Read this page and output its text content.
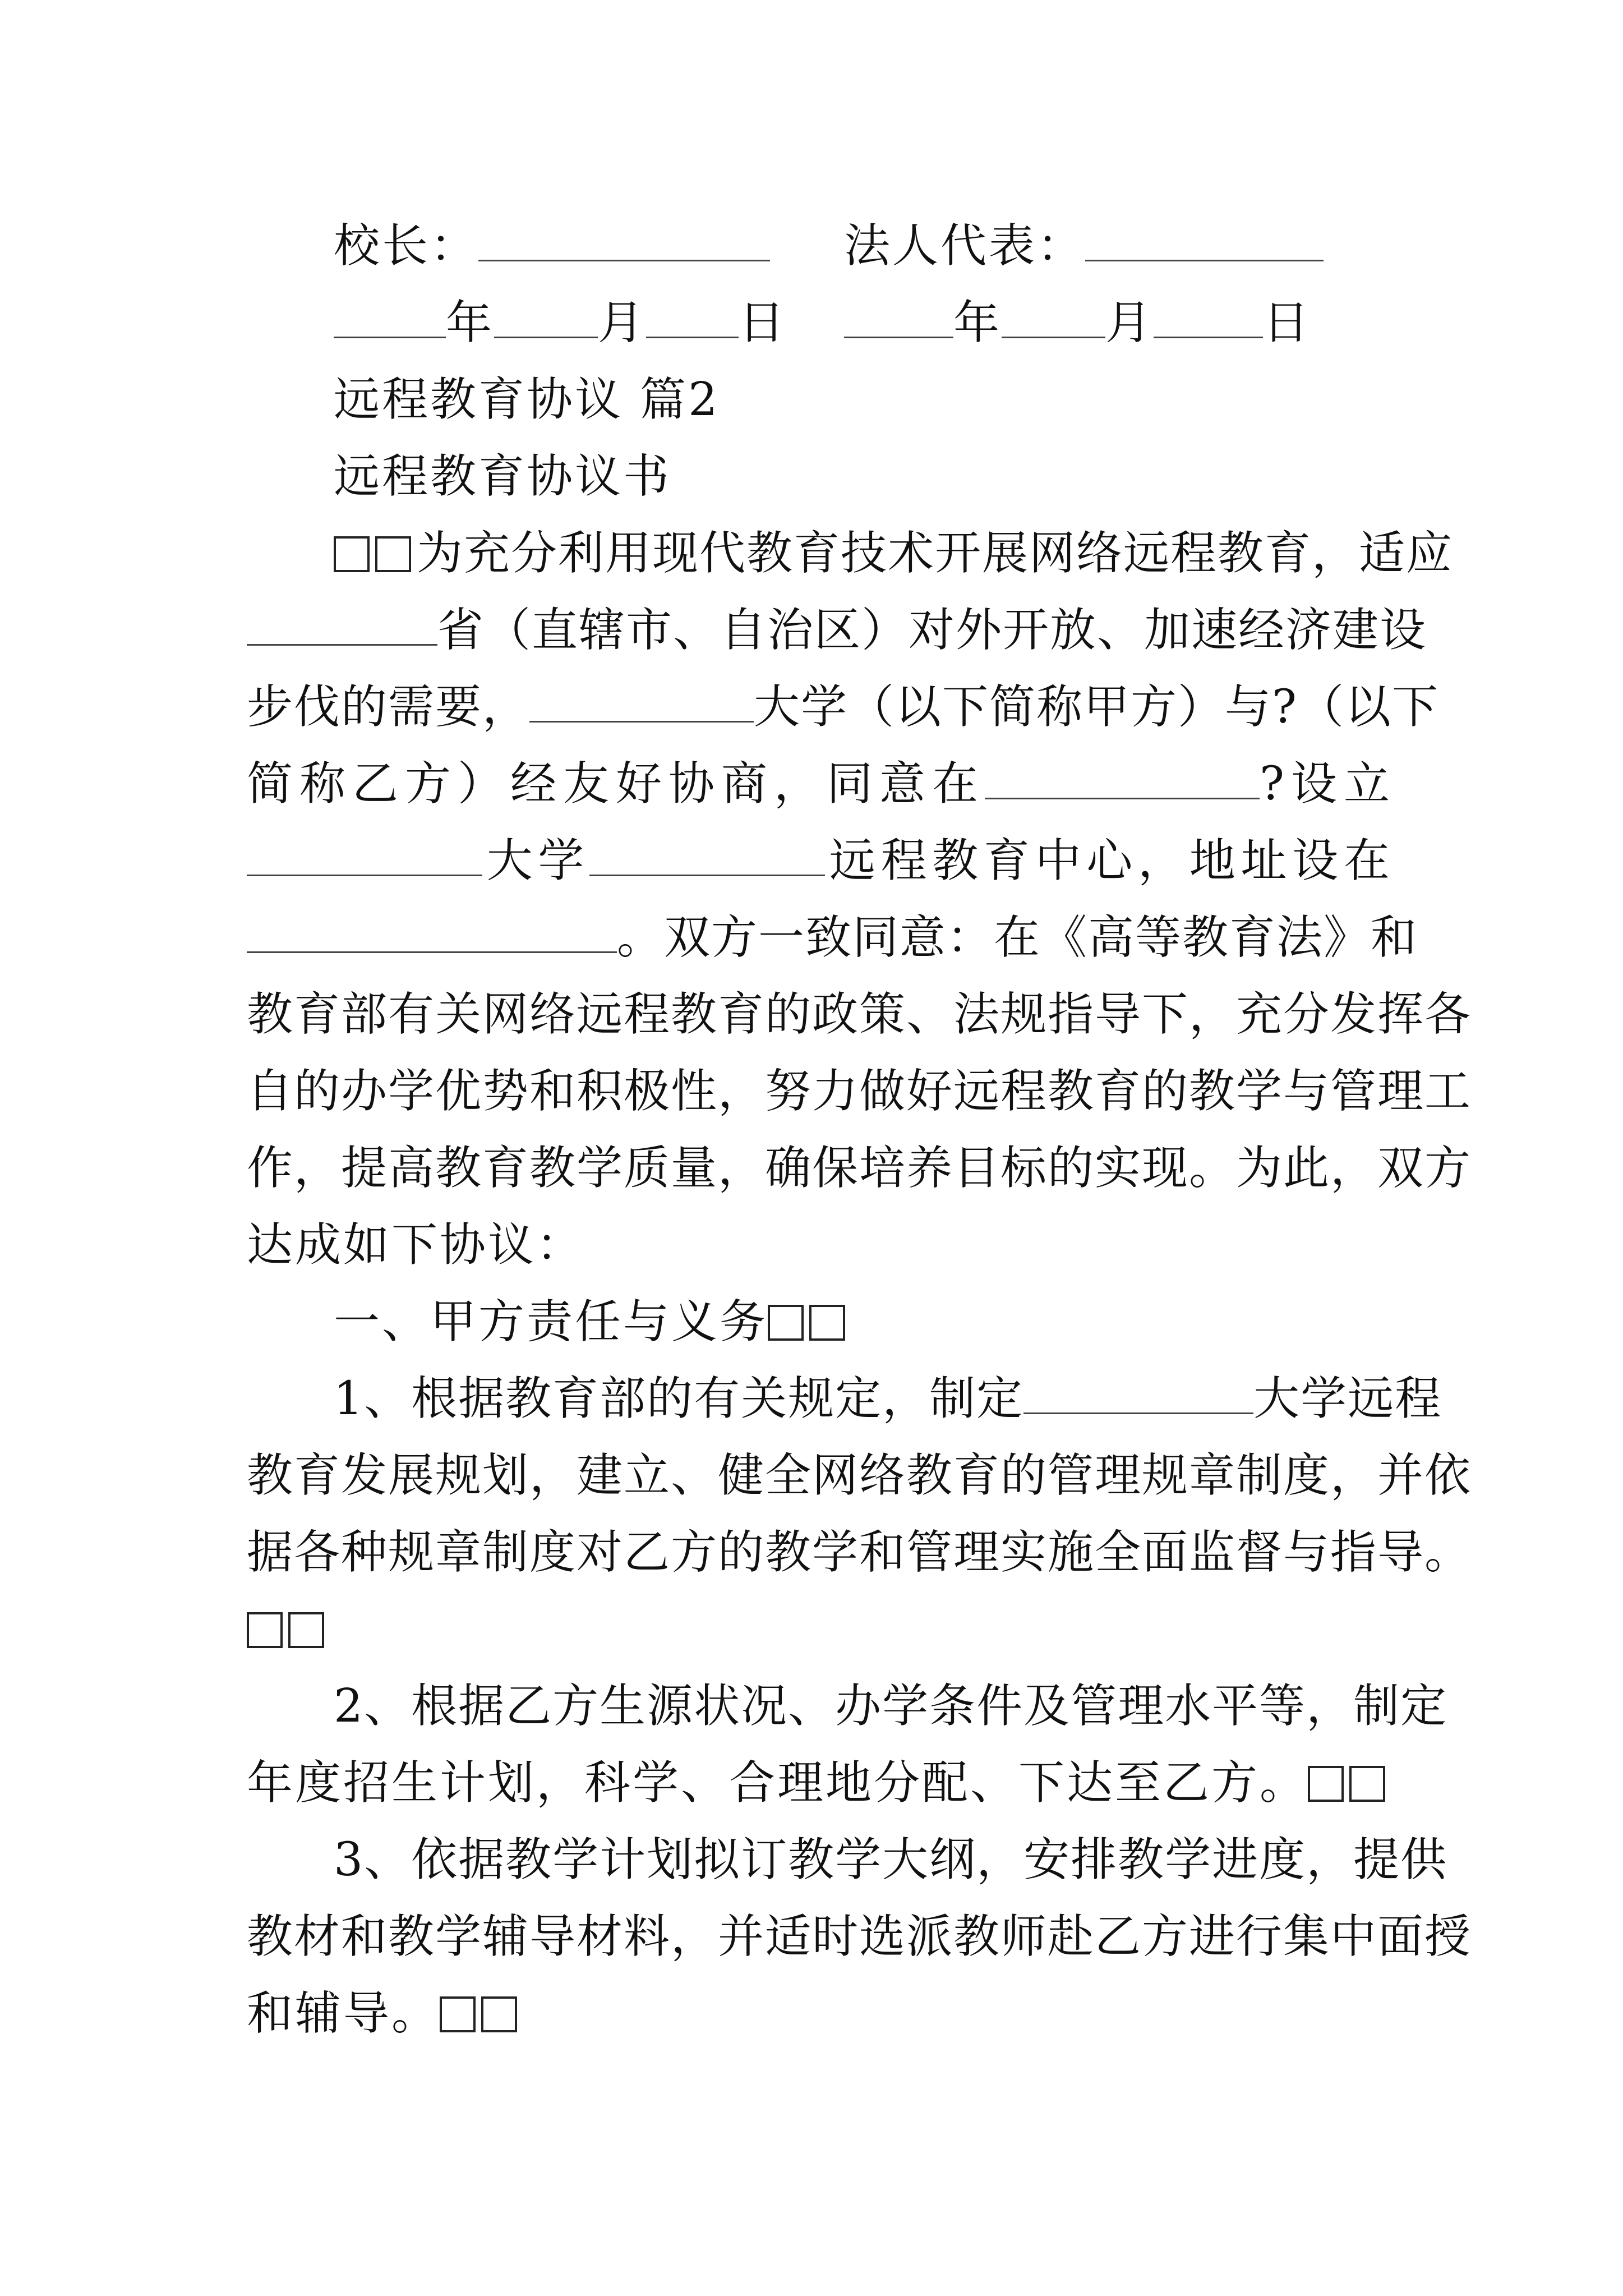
校长：	法人代表：
年 月 日	年 月 日
远程教育协议 篇2
远程教育协议书
为充分利用现代教育技术开展网络远程教育，适应
省（直辖市、自治区）对外开放、加速经济建设
步伐的需要，	大学（以下简称甲方）与?（以下
简称乙方）经友好协商，同意在	?设立
大学	远程教育中心，地址设在
。双方一致同意：在《高等教育法》和
教育部有关网络远程教育的政策、法规指导下，充分发挥各
自的办学优势和积极性，努力做好远程教育的教学与管理工
作，提高教育教学质量，确保培养目标的实现。为此，双方
达成如下协议：
一、甲方责任与义务
1、根据教育部的有关规定，制定	大学远程
教育发展规划，建立、健全网络教育的管理规章制度，并依
据各种规章制度对乙方的教学和管理实施全面监督与指导。
2、根据乙方生源状况、办学条件及管理水平等，制定
年度招生计划，科学、合理地分配、下达至乙方。
3、依据教学计划拟订教学大纲，安排教学进度，提供
教材和教学辅导材料，并适时选派教师赴乙方进行集中面授
和辅导。
